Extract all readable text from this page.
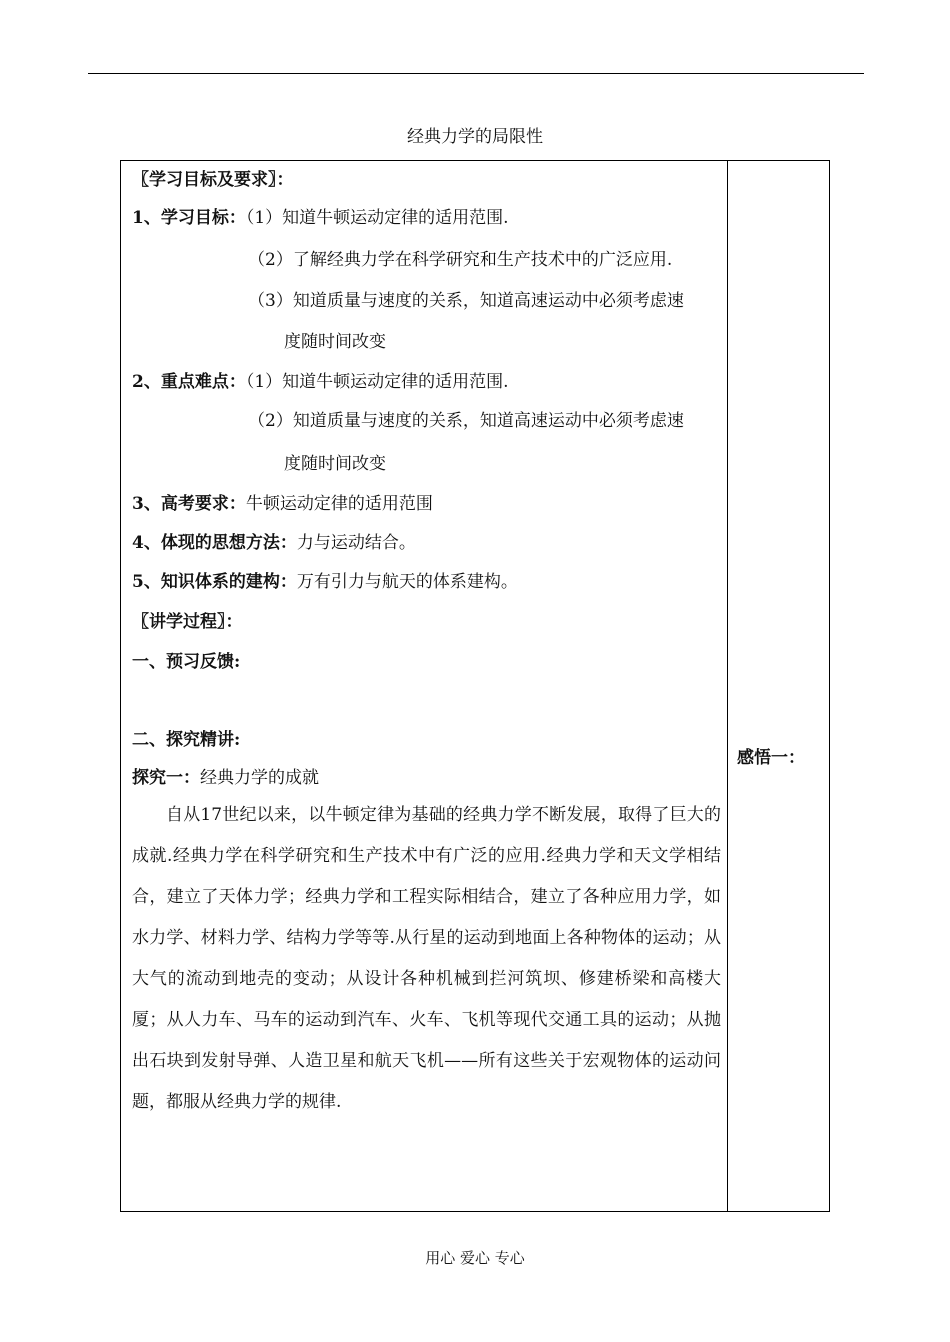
经典力学的局限性
〖学习目标及要求〗：
1、学习目标：（1）知道牛顿运动定律的适用范围.
（2）了解经典力学在科学研究和生产技术中的广泛应用.
（3）知道质量与速度的关系，知道高速运动中必须考虑速
度随时间改变
2、重点难点：（1）知道牛顿运动定律的适用范围.
（2）知道质量与速度的关系，知道高速运动中必须考虑速
度随时间改变
3、高考要求：牛顿运动定律的适用范围
4、体现的思想方法：力与运动结合。
5、知识体系的建构：万有引力与航天的体系建构。
〖讲学过程〗：
一、预习反馈:
二、探究精讲:
探究一：经典力学的成就

自从17世纪以来，以牛顿定律为基础的经典力学不断发展，取得了巨大的成就.经典力学在科学研究和生产技术中有广泛的应用.经典力学和天文学相结合，建立了天体力学；经典力学和工程实际相结合，建立了各种应用力学，如水力学、材料力学、结构力学等等.从行星的运动到地面上各种物体的运动；从大气的流动到地壳的变动；从设计各种机械到拦河筑坝、修建桥梁和高楼大厦；从人力车、马车的运动到汽车、火车、飞机等现代交通工具的运动；从抛出石块到发射导弹、人造卫星和航天飞机——所有这些关于宏观物体的运动问题，都服从经典力学的规律.

感悟一：
用心 爱心 专心
